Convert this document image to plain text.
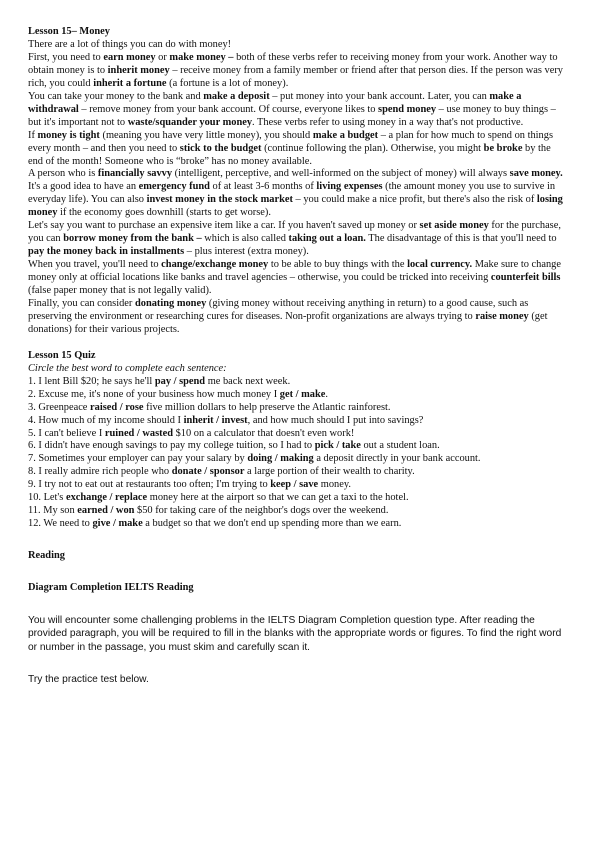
Lesson 15– Money

There are a lot of things you can do with money!

First, you need to earn money or make money – both of these verbs refer to receiving money from your work. Another way to obtain money is to inherit money – receive money from a family member or friend after that person dies. If the person was very rich, you could inherit a fortune (a fortune is a lot of money).

You can take your money to the bank and make a deposit – put money into your bank account. Later, you can make a withdrawal – remove money from your bank account. Of course, everyone likes to spend money – use money to buy things – but it's important not to waste/squander your money. These verbs refer to using money in a way that's not productive.

If money is tight (meaning you have very little money), you should make a budget – a plan for how much to spend on things every month – and then you need to stick to the budget (continue following the plan). Otherwise, you might be broke by the end of the month! Someone who is “broke” has no money available.

A person who is financially savvy (intelligent, perceptive, and well-informed on the subject of money) will always save money. It's a good idea to have an emergency fund of at least 3-6 months of living expenses (the amount money you use to survive in everyday life). You can also invest money in the stock market – you could make a nice profit, but there's also the risk of losing money if the economy goes downhill (starts to get worse).

Let's say you want to purchase an expensive item like a car. If you haven't saved up money or set aside money for the purchase, you can borrow money from the bank – which is also called taking out a loan. The disadvantage of this is that you'll need to pay the money back in installments – plus interest (extra money).

When you travel, you'll need to change/exchange money to be able to buy things with the local currency. Make sure to change money only at official locations like banks and travel agencies – otherwise, you could be tricked into receiving counterfeit bills (false paper money that is not legally valid).

Finally, you can consider donating money (giving money without receiving anything in return) to a good cause, such as preserving the environment or researching cures for diseases. Non-profit organizations are always trying to raise money (get donations) for their various projects.

Lesson 15 Quiz

Circle the best word to complete each sentence:

1. I lent Bill $20; he says he'll pay / spend me back next week.

2. Excuse me, it's none of your business how much money I get / make.

3. Greenpeace raised / rose five million dollars to help preserve the Atlantic rainforest.

4. How much of my income should I inherit / invest, and how much should I put into savings?

5. I can't believe I ruined / wasted $10 on a calculator that doesn't even work!

6. I didn't have enough savings to pay my college tuition, so I had to pick / take out a student loan.

7. Sometimes your employer can pay your salary by doing / making a deposit directly in your bank account.

8. I really admire rich people who donate / sponsor a large portion of their wealth to charity.

9. I try not to eat out at restaurants too often; I'm trying to keep / save money.

10. Let's exchange / replace money here at the airport so that we can get a taxi to the hotel.

11. My son earned / won $50 for taking care of the neighbor's dogs over the weekend.

12. We need to give / make a budget so that we don't end up spending more than we earn.

Reading

Diagram Completion IELTS Reading

You will encounter some challenging problems in the IELTS Diagram Completion question type. After reading the provided paragraph, you will be required to fill in the blanks with the appropriate words or figures. To find the right word or number in the passage, you must skim and carefully scan it.

Try the practice test below.
